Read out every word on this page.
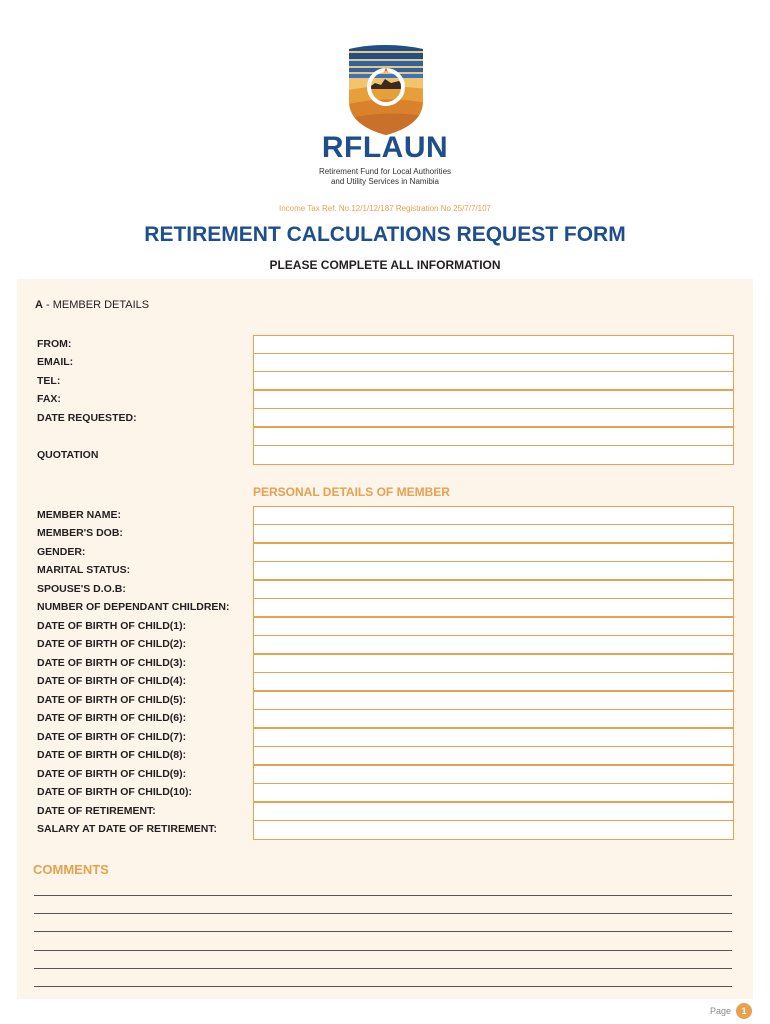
RFLAUN
Retirement Fund for Local Authorities
and Utility Services in Namibia
Income Tax Ref. No.12/1/12/187 Registration No 25/7/7/107
RETIREMENT CALCULATIONS REQUEST FORM
PLEASE COMPLETE ALL INFORMATION
A - MEMBER DETAILS
FROM:
EMAIL:
TEL:
FAX:
DATE REQUESTED:
QUOTATION
PERSONAL DETAILS OF MEMBER
MEMBER NAME:
MEMBER'S DOB:
GENDER:
MARITAL STATUS:
SPOUSE'S D.O.B:
NUMBER OF DEPENDANT CHILDREN:
DATE OF BIRTH OF CHILD(1):
DATE OF BIRTH OF CHILD(2):
DATE OF BIRTH OF CHILD(3):
DATE OF BIRTH OF CHILD(4):
DATE OF BIRTH OF CHILD(5):
DATE OF BIRTH OF CHILD(6):
DATE OF BIRTH OF CHILD(7):
DATE OF BIRTH OF CHILD(8):
DATE OF BIRTH OF CHILD(9):
DATE OF BIRTH OF CHILD(10):
DATE OF RETIREMENT:
SALARY AT DATE OF RETIREMENT:
COMMENTS
Page	1
